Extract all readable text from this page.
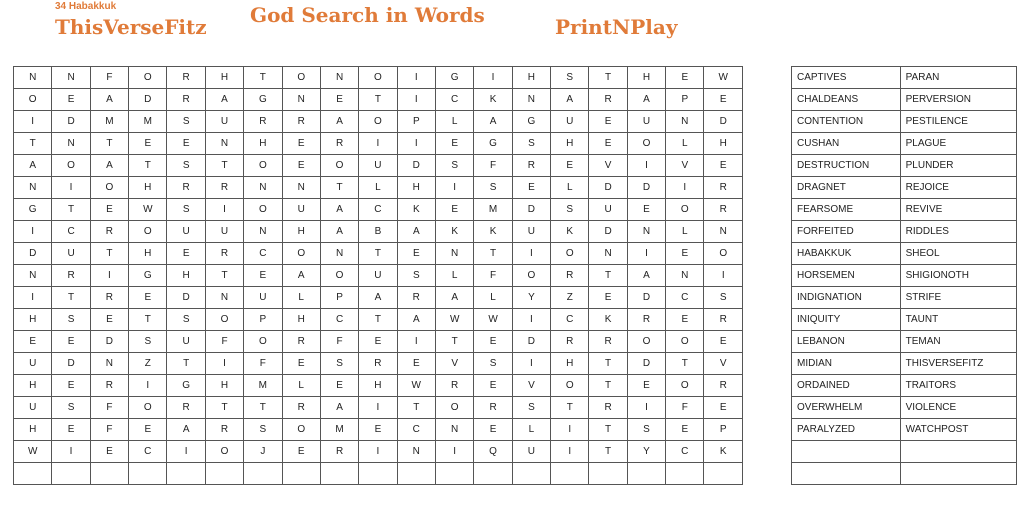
34 Habakkuk
ThisVerseFitz God Search in Words	PrintNPlay
N	N	F	O	R	H	T	O	N	O	I	G	I	H	S	T	H	E	W
O	E	A	D	R	A	G	N	E	T	I	C	K	N	A	R	A	P	E
I	D	M	M	S	U	R	R	A	O	P	L	A	G	U	E	U	N	D
T	N	T	E	E	N	H	E	R	I	I	E	G	S	H	E	O	L	H
A	O	A	T	S	T	O	E	O	U	D	S	F	R	E	V	I	V	E
N	I	O	H	R	R	N	N	T	L	H	I	S	E	L	D	D	I	R
G	T	E	W	S	I	O	U	A	C	K	E	M	D	S	U	E	O	R
I	C	R	O	U	U	N	H	A	B	A	K	K	U	K	D	N	L	N
D	U	T	H	E	R	C	O	N	T	E	N	T	I	O	N	I	E	O
N	R	I	G	H	T	E	A	O	U	S	L	F	O	R	T	A	N	I
I	T	R	E	D	N	U	L	P	A	R	A	L	Y	Z	E	D	C	S
H	S	E	T	S	O	P	H	C	T	A	W	W	I	C	K	R	E	R
E	E	D	S	U	F	O	R	F	E	I	T	E	D	R	R	O	O	E
U	D	N	Z	T	I	F	E	S	R	E	V	S	I	H	T	D	T	V
H	E	R	I	G	H	M	L	E	H	W	R	E	V	O	T	E	O	R
U	S	F	O	R	T	T	R	A	I	T	O	R	S	T	R	I	F	E
H	E	F	E	A	R	S	O	M	E	C	N	E	L	I	T	S	E	P
W	I	E	C	I	O	J	E	R	I	N	I	Q	U	I	T	Y	C	K

CAPTIVES	PARAN
CHALDEANS	PERVERSION
CONTENTION	PESTILENCE
CUSHAN	PLAGUE
DESTRUCTION	PLUNDER
DRAGNET	REJOICE
FEARSOME	REVIVE
FORFEITED	RIDDLES
HABAKKUK	SHEOL
HORSEMEN	SHIGIONOTH
INDIGNATION	STRIFE
INIQUITY	TAUNT
LEBANON	TEMAN
MIDIAN	THISVERSEFITZ
ORDAINED	TRAITORS
OVERWHELM	VIOLENCE
PARALYZED	WATCHPOST
